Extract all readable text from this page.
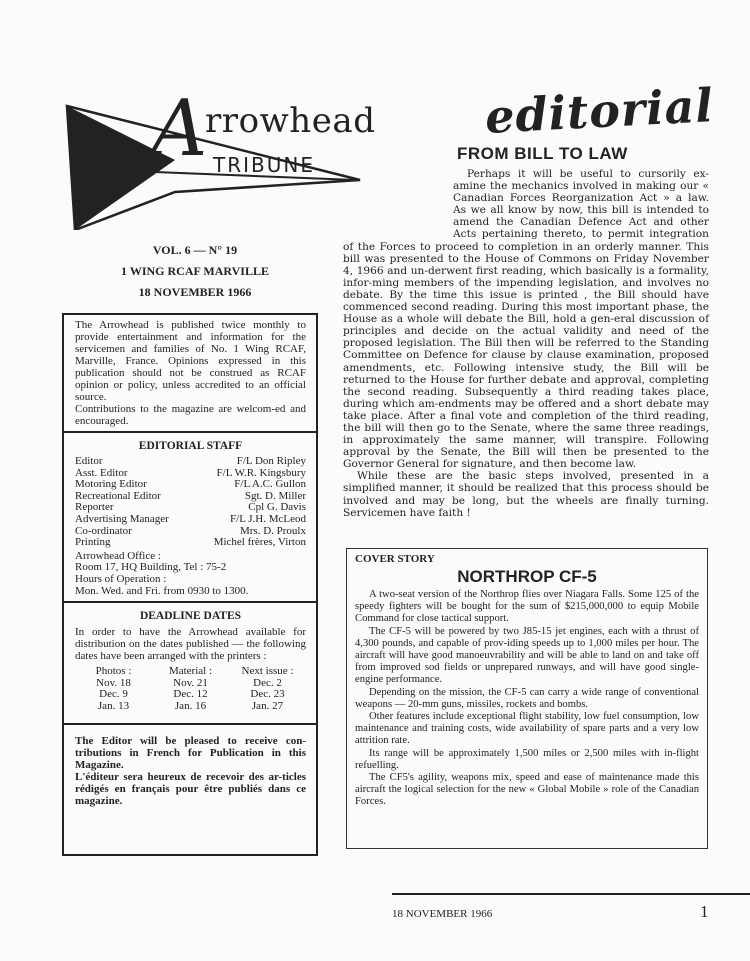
A
rrowhead
TRIBUNE
VOL. 6 — N° 19
1 WING RCAF MARVILLE
18 NOVEMBER 1966
editorial
FROM BILL TO LAW

Perhaps it will be useful to cursorily ex-amine the mechanics involved in making our « Canadian Forces Reorganization Act » a law. As we all know by now, this bill is intended to amend the Canadian Defence Act and other Acts pertaining thereto, to permit integration of the Forces to proceed to completion in an orderly manner. This bill was presented to the House of Commons on Friday November 4, 1966 and un-derwent first reading, which basically is a formality, infor-ming members of the impending legislation, and involves no debate. By the time this issue is printed , the Bill should have commenced second reading. During this most important phase, the House as a whole will debate the Bill, hold a gen-eral discussion of principles and decide on the actual validity and need of the proposed legislation. The Bill then will be referred to the Standing Committee on Defence for clause by clause examination, proposed amendments, etc. Following intensive study, the Bill will be returned to the House for further debate and approval, completing the second reading. Subsequently a third reading takes place, during which am-endments may be offered and a short debate may take place. After a final vote and completion of the third reading, the bill will then go to the Senate, where the same three readings, in approximately the same manner, will transpire. Following approval by the Senate, the Bill will then be presented to the Governor General for signature, and then become law.

While these are the basic steps involved, presented in a simplified manner, it should be realized that this process should be involved and may be long, but the wheels are finally turning. Servicemen have faith !

The Arrowhead is published twice monthly to provide entertainment and information for the servicemen and families of No. 1 Wing RCAF, Marville, France. Opinions expressed in this publication should not be construed as RCAF opinion or policy, unless accredited to an official source.

Contributions to the magazine are welcom-ed and encouraged.

EDITORIAL STAFF
Editor	F/L Don Ripley
Asst. Editor	F/L W.R. Kingsbury
Motoring Editor	F/L A.C. Gullon
Recreational Editor	Sgt. D. Miller
Reporter	Cpl G. Davis
Advertising Manager	F/L J.H. McLeod
Co-ordinator	Mrs. D. Proulx
Printing	Michel frères, Virton
Arrowhead Office :
Room 17, HQ Building, Tel : 75-2
Hours of Operation :
Mon. Wed. and Fri. from 0930 to 1300.
DEADLINE DATES

In order to have the Arrowhead available for distribution on the dates published — the following dates have been arranged with the printers :

Photos :	Material :	Next issue :
Nov. 18	Nov. 21	Dec. 2
Dec. 9	Dec. 12	Dec. 23
Jan. 13	Jan. 16	Jan. 27

The Editor will be pleased to receive con-tributions in French for Publication in this Magazine.

L'éditeur sera heureux de recevoir des ar-ticles rédigés en français pour être publiés dans ce magazine.

COVER STORY
NORTHROP CF-5

A two-seat version of the Northrop flies over Niagara Falls. Some 125 of the speedy fighters will be bought for the sum of $215,000,000 to equip Mobile Command for close tactical support.

The CF-5 will be powered by two J85-15 jet engines, each with a thrust of 4,300 pounds, and capable of prov-iding speeds up to 1,000 miles per hour. The aircraft will have good manoeuvrability and will be able to land on and take off from improved sod fields or unprepared runways, and will have good single-engine performance.

Depending on the mission, the CF-5 can carry a wide range of conventional weapons — 20-mm guns, missiles, rockets and bombs.

Other features include exceptional flight stability, low fuel consumption, low maintenance and training costs, wide availability of spare parts and a very low attrition rate.

Its range will be approximately 1,500 miles or 2,500 miles with in-flight refuelling.

The CF5's agility, weapons mix, speed and ease of maintenance made this aircraft the logical selection for the new « Global Mobile » role of the Canadian Forces.

18 NOVEMBER 1966	1
